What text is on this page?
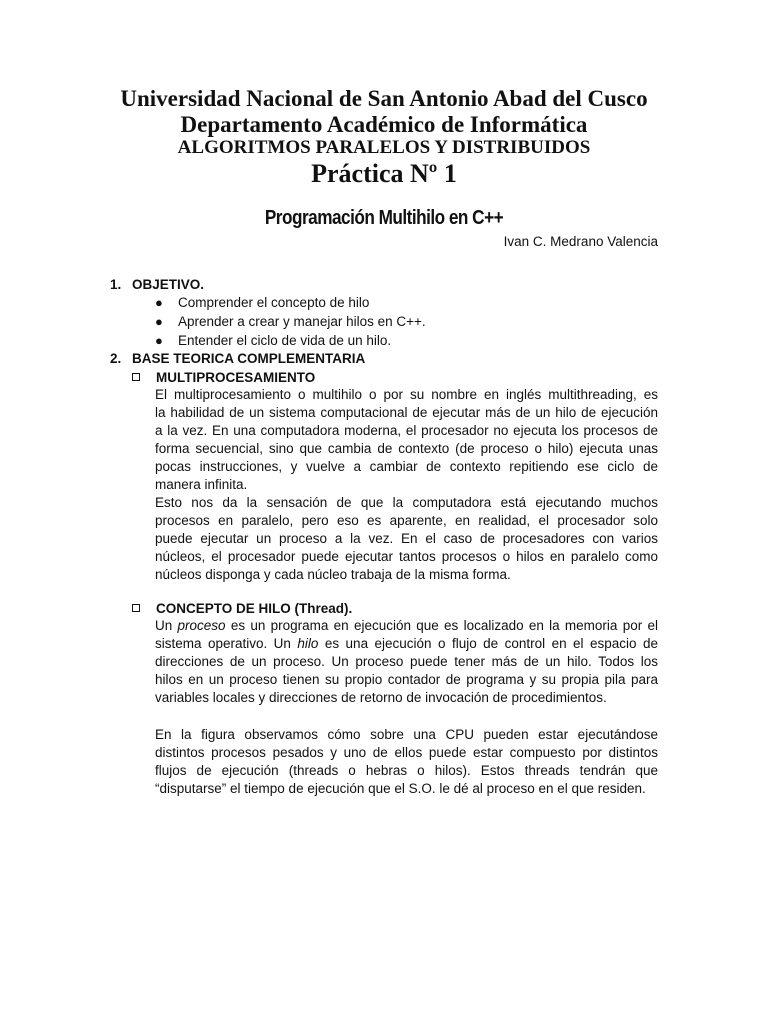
Universidad Nacional de San Antonio Abad del Cusco
Departamento Académico de Informática
ALGORITMOS PARALELOS Y DISTRIBUIDOS
Práctica Nº 1
Programación Multihilo en C++
Ivan C. Medrano Valencia
1. OBJETIVO.
● Comprender el concepto de hilo
● Aprender a crear y manejar hilos en C++.
● Entender el ciclo de vida de un hilo.
2. BASE TEORICA COMPLEMENTARIA
MULTIPROCESAMIENTO
El multiprocesamiento o multihilo o por su nombre en inglés multithreading, es
la habilidad de un sistema computacional de ejecutar más de un hilo de ejecución
a la vez. En una computadora moderna, el procesador no ejecuta los procesos de
forma secuencial, sino que cambia de contexto (de proceso o hilo) ejecuta unas
pocas instrucciones, y vuelve a cambiar de contexto repitiendo ese ciclo de
manera infinita.
Esto nos da la sensación de que la computadora está ejecutando muchos
procesos en paralelo, pero eso es aparente, en realidad, el procesador solo
puede ejecutar un proceso a la vez. En el caso de procesadores con varios
núcleos, el procesador puede ejecutar tantos procesos o hilos en paralelo como
núcleos disponga y cada núcleo trabaja de la misma forma.
CONCEPTO DE HILO (Thread).
Un proceso es un programa en ejecución que es localizado en la memoria por el
sistema operativo. Un hilo es una ejecución o flujo de control en el espacio de
direcciones de un proceso. Un proceso puede tener más de un hilo. Todos los
hilos en un proceso tienen su propio contador de programa y su propia pila para
variables locales y direcciones de retorno de invocación de procedimientos.
En la figura observamos cómo sobre una CPU pueden estar ejecutándose
distintos procesos pesados y uno de ellos puede estar compuesto por distintos
flujos de ejecución (threads o hebras o hilos). Estos threads tendrán que
“disputarse” el tiempo de ejecución que el S.O. le dé al proceso en el que residen.
